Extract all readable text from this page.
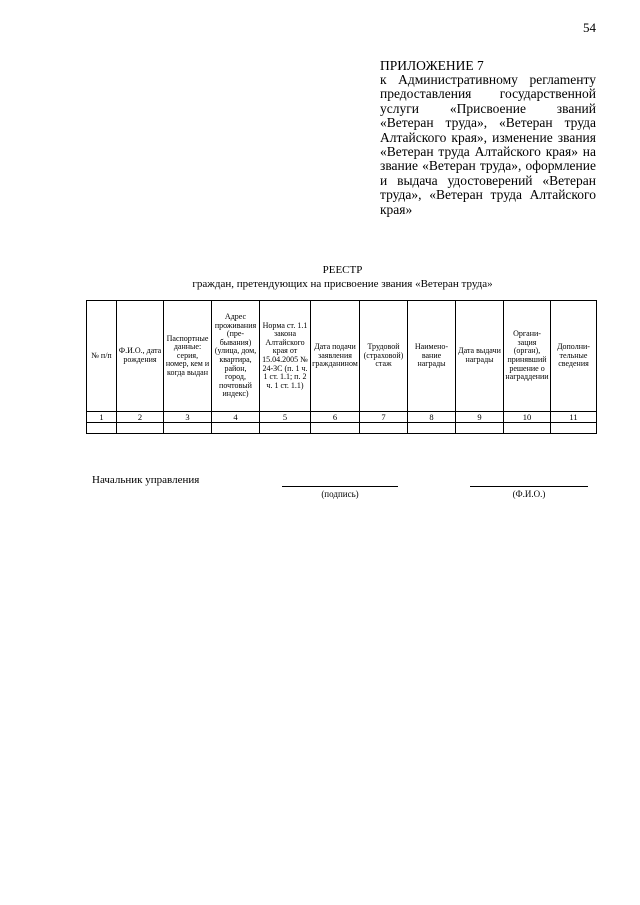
54
ПРИЛОЖЕНИЕ 7
к Административному реглаmенту предоставления государственной услуги «Присвоение званий «Ветеран труда», «Ветеран труда Алтайского края», изменение звания «Ветеран труда Алтайского края» на звание «Ветеран труда», оформление и выдача удостоверений «Ветеран труда», «Ветеран труда Алтайского края»
РЕЕСТР
граждан, претендующих на присвоение звания «Ветеран труда»
№ п/п	Ф.И.О., дата рождения	Паспортные данные: серия, номер, кем и когда выдан	Адрес проживания (пребывания) (улица, дом, квартира, район, город, почтовый индекс)	Норма ст. 1.1 закона Алтайского края от 15.04.2005 № 24-ЗС (п. 1 ч. 1 ст. 1.1; п. 2 ч. 1 ст. 1.1)	Дата подачи заявления гражданином	Трудовой (страховой) стаж	Наименование награды	Дата выдачи награды	Организация (орган), принявший решение о награддении	Дополнительные сведения
1	2	3	4	5	6	7	8	9	10	11

Начальник управления
(подпись)	(Ф.И.О.)
